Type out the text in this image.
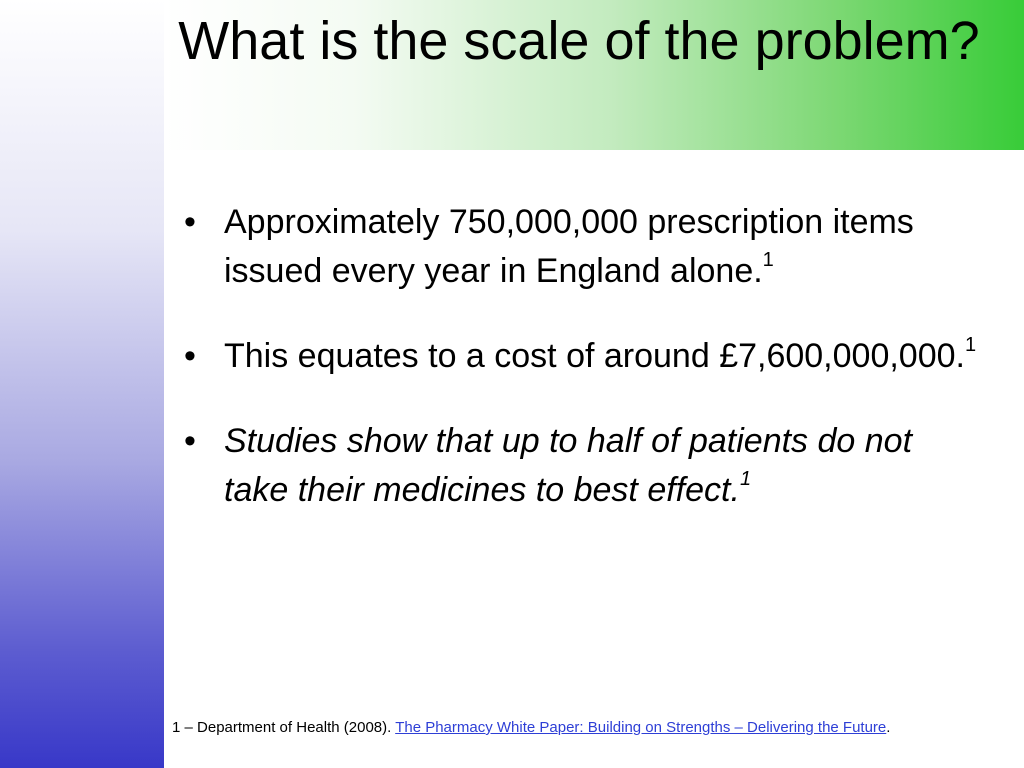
What is the scale of the problem?
• Approximately 750,000,000 prescription items issued every year in England alone.$^1$
• This equates to a cost of around £7,600,000,000.$^1$
• Studies show that up to half of patients do not take their medicines to best effect.$^1$
1 – Department of Health (2008). The Pharmacy White Paper: Building on Strengths – Delivering the Future.
